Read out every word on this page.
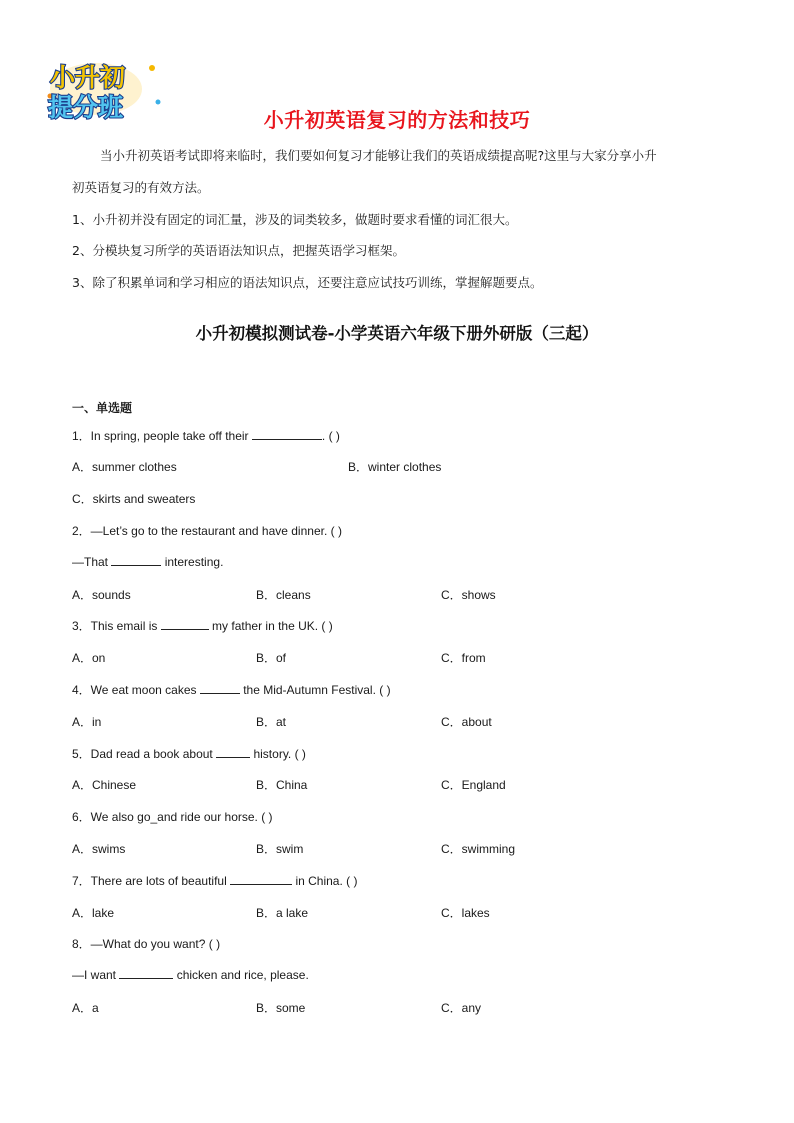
小升初
提分班	小升初英语复习的方法和技巧
当小升初英语考试即将来临时，我们要如何复习才能够让我们的英语成绩提高呢?这里与大家分享小升
初英语复习的有效方法。
1、小升初并没有固定的词汇量，涉及的词类较多，做题时要求看懂的词汇很大。
2、分模块复习所学的英语语法知识点，把握英语学习框架。
3、除了积累单词和学习相应的语法知识点，还要注意应试技巧训练，掌握解题要点。
小升初模拟测试卷-小学英语六年级下册外研版（三起）
一、单选题
1．In spring, people take off their	. ( )
A．summer clothes	B．winter clothes
C．skirts and sweaters
2．—Let’s go to the restaurant and have dinner. ( )
—That	interesting.
A．sounds	B．cleans	C．shows
3．This email is	my father in the UK. ( )
A．on	B．of	C．from
4．We eat moon cakes	the Mid-Autumn Festival. ( )
A．in	B．at	C．about
5．Dad read a book about	history. ( )
A．Chinese	B．China	C．England
6．We also go_and ride our horse. ( )
A．swims	B．swim	C．swimming
7．There are lots of beautiful	in China. ( )
A．lake	B．a lake	C．lakes
8．—What do you want? ( )
—I want	chicken and rice, please.
A．a	B．some	C．any
